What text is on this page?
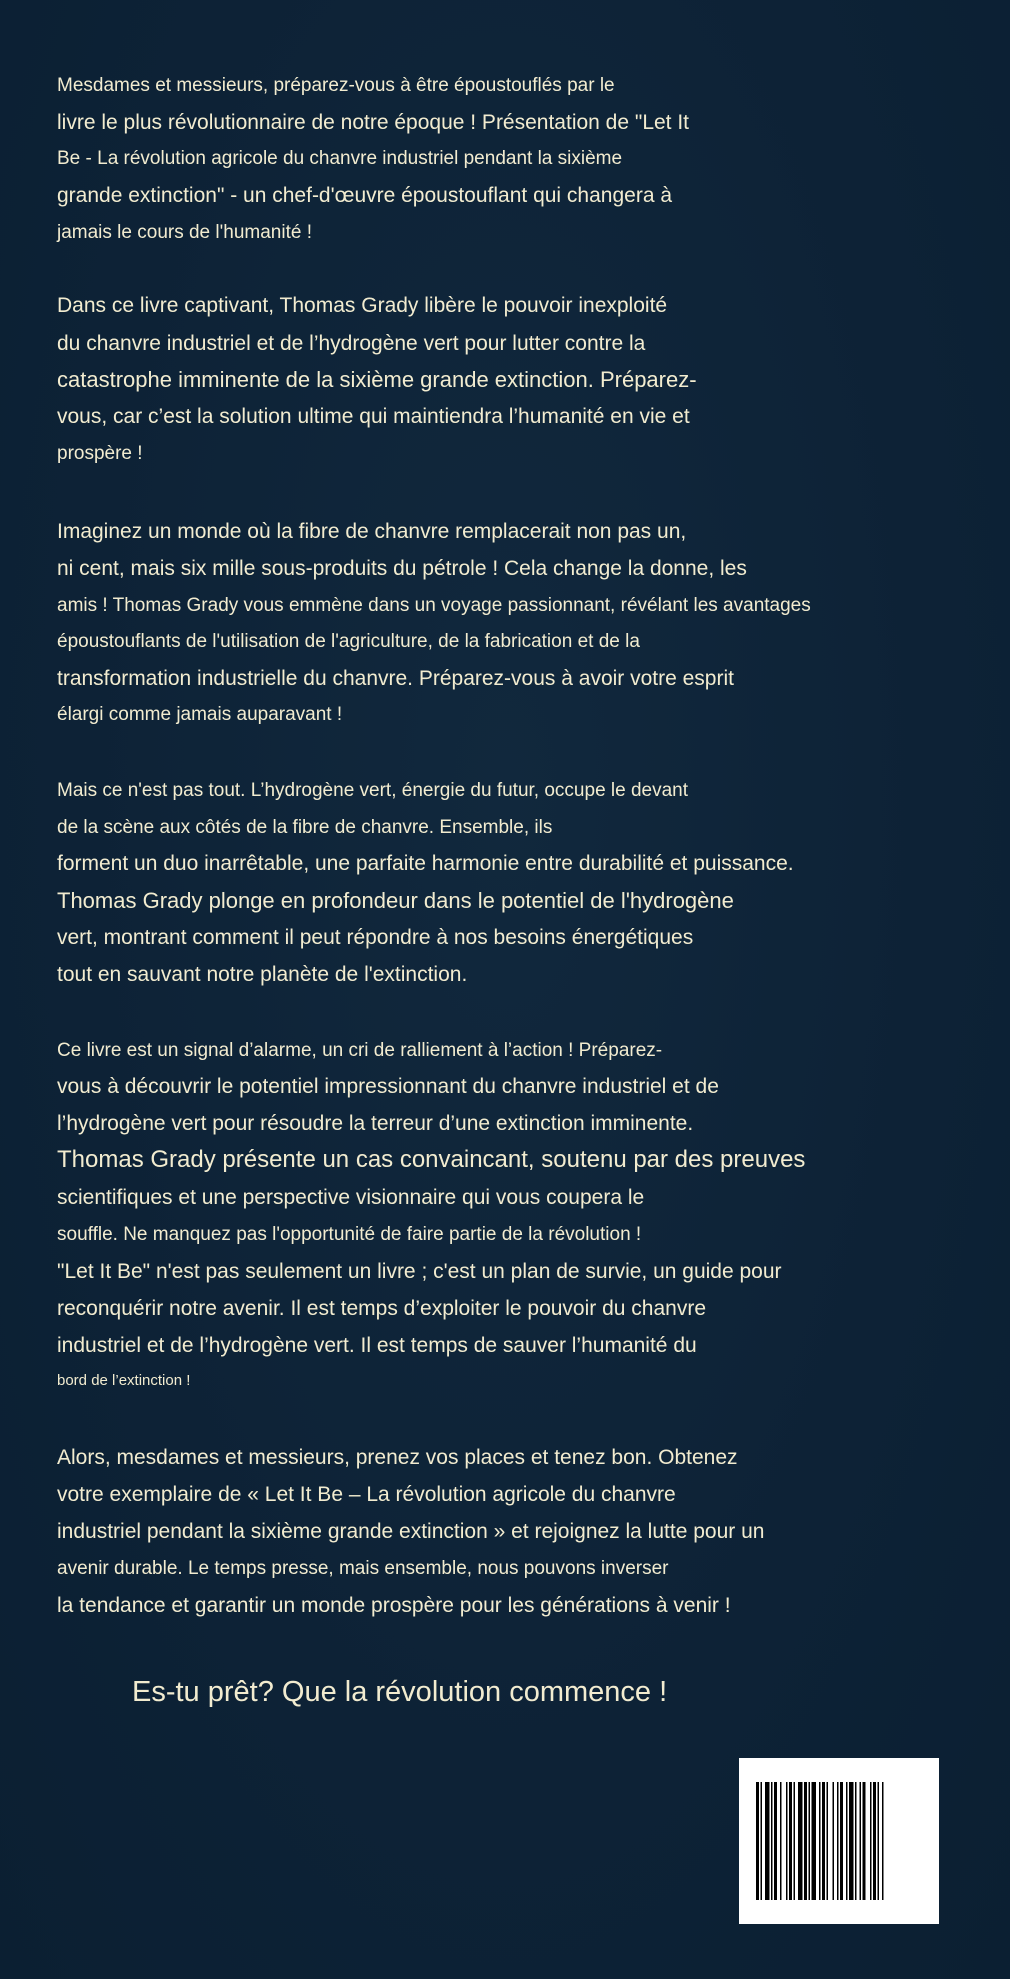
Mesdames et messieurs, préparez-vous à être époustouflés par le
livre le plus révolutionnaire de notre époque ! Présentation de "Let It
Be - La révolution agricole du chanvre industriel pendant la sixième
grande extinction" - un chef-d'œuvre époustouflant qui changera à
jamais le cours de l'humanité !
Dans ce livre captivant, Thomas Grady libère le pouvoir inexploité
du chanvre industriel et de l’hydrogène vert pour lutter contre la
catastrophe imminente de la sixième grande extinction. Préparez-
vous, car c’est la solution ultime qui maintiendra l’humanité en vie et
prospère !
Imaginez un monde où la fibre de chanvre remplacerait non pas un,
ni cent, mais six mille sous-produits du pétrole ! Cela change la donne, les
amis ! Thomas Grady vous emmène dans un voyage passionnant, révélant les avantages
époustouflants de l'utilisation de l'agriculture, de la fabrication et de la
transformation industrielle du chanvre. Préparez-vous à avoir votre esprit
élargi comme jamais auparavant !
Mais ce n'est pas tout. L’hydrogène vert, énergie du futur, occupe le devant
de la scène aux côtés de la fibre de chanvre. Ensemble, ils
forment un duo inarrêtable, une parfaite harmonie entre durabilité et puissance.
Thomas Grady plonge en profondeur dans le potentiel de l'hydrogène
vert, montrant comment il peut répondre à nos besoins énergétiques
tout en sauvant notre planète de l'extinction.
Ce livre est un signal d’alarme, un cri de ralliement à l’action ! Préparez-
vous à découvrir le potentiel impressionnant du chanvre industriel et de
l’hydrogène vert pour résoudre la terreur d’une extinction imminente.
Thomas Grady présente un cas convaincant, soutenu par des preuves
scientifiques et une perspective visionnaire qui vous coupera le
souffle. Ne manquez pas l'opportunité de faire partie de la révolution !
"Let It Be" n'est pas seulement un livre ; c'est un plan de survie, un guide pour
reconquérir notre avenir. Il est temps d’exploiter le pouvoir du chanvre
industriel et de l’hydrogène vert. Il est temps de sauver l’humanité du
bord de l’extinction !
Alors, mesdames et messieurs, prenez vos places et tenez bon. Obtenez
votre exemplaire de « Let It Be – La révolution agricole du chanvre
industriel pendant la sixième grande extinction » et rejoignez la lutte pour un
avenir durable. Le temps presse, mais ensemble, nous pouvons inverser
la tendance et garantir un monde prospère pour les générations à venir !
Es-tu prêt? Que la révolution commence !
